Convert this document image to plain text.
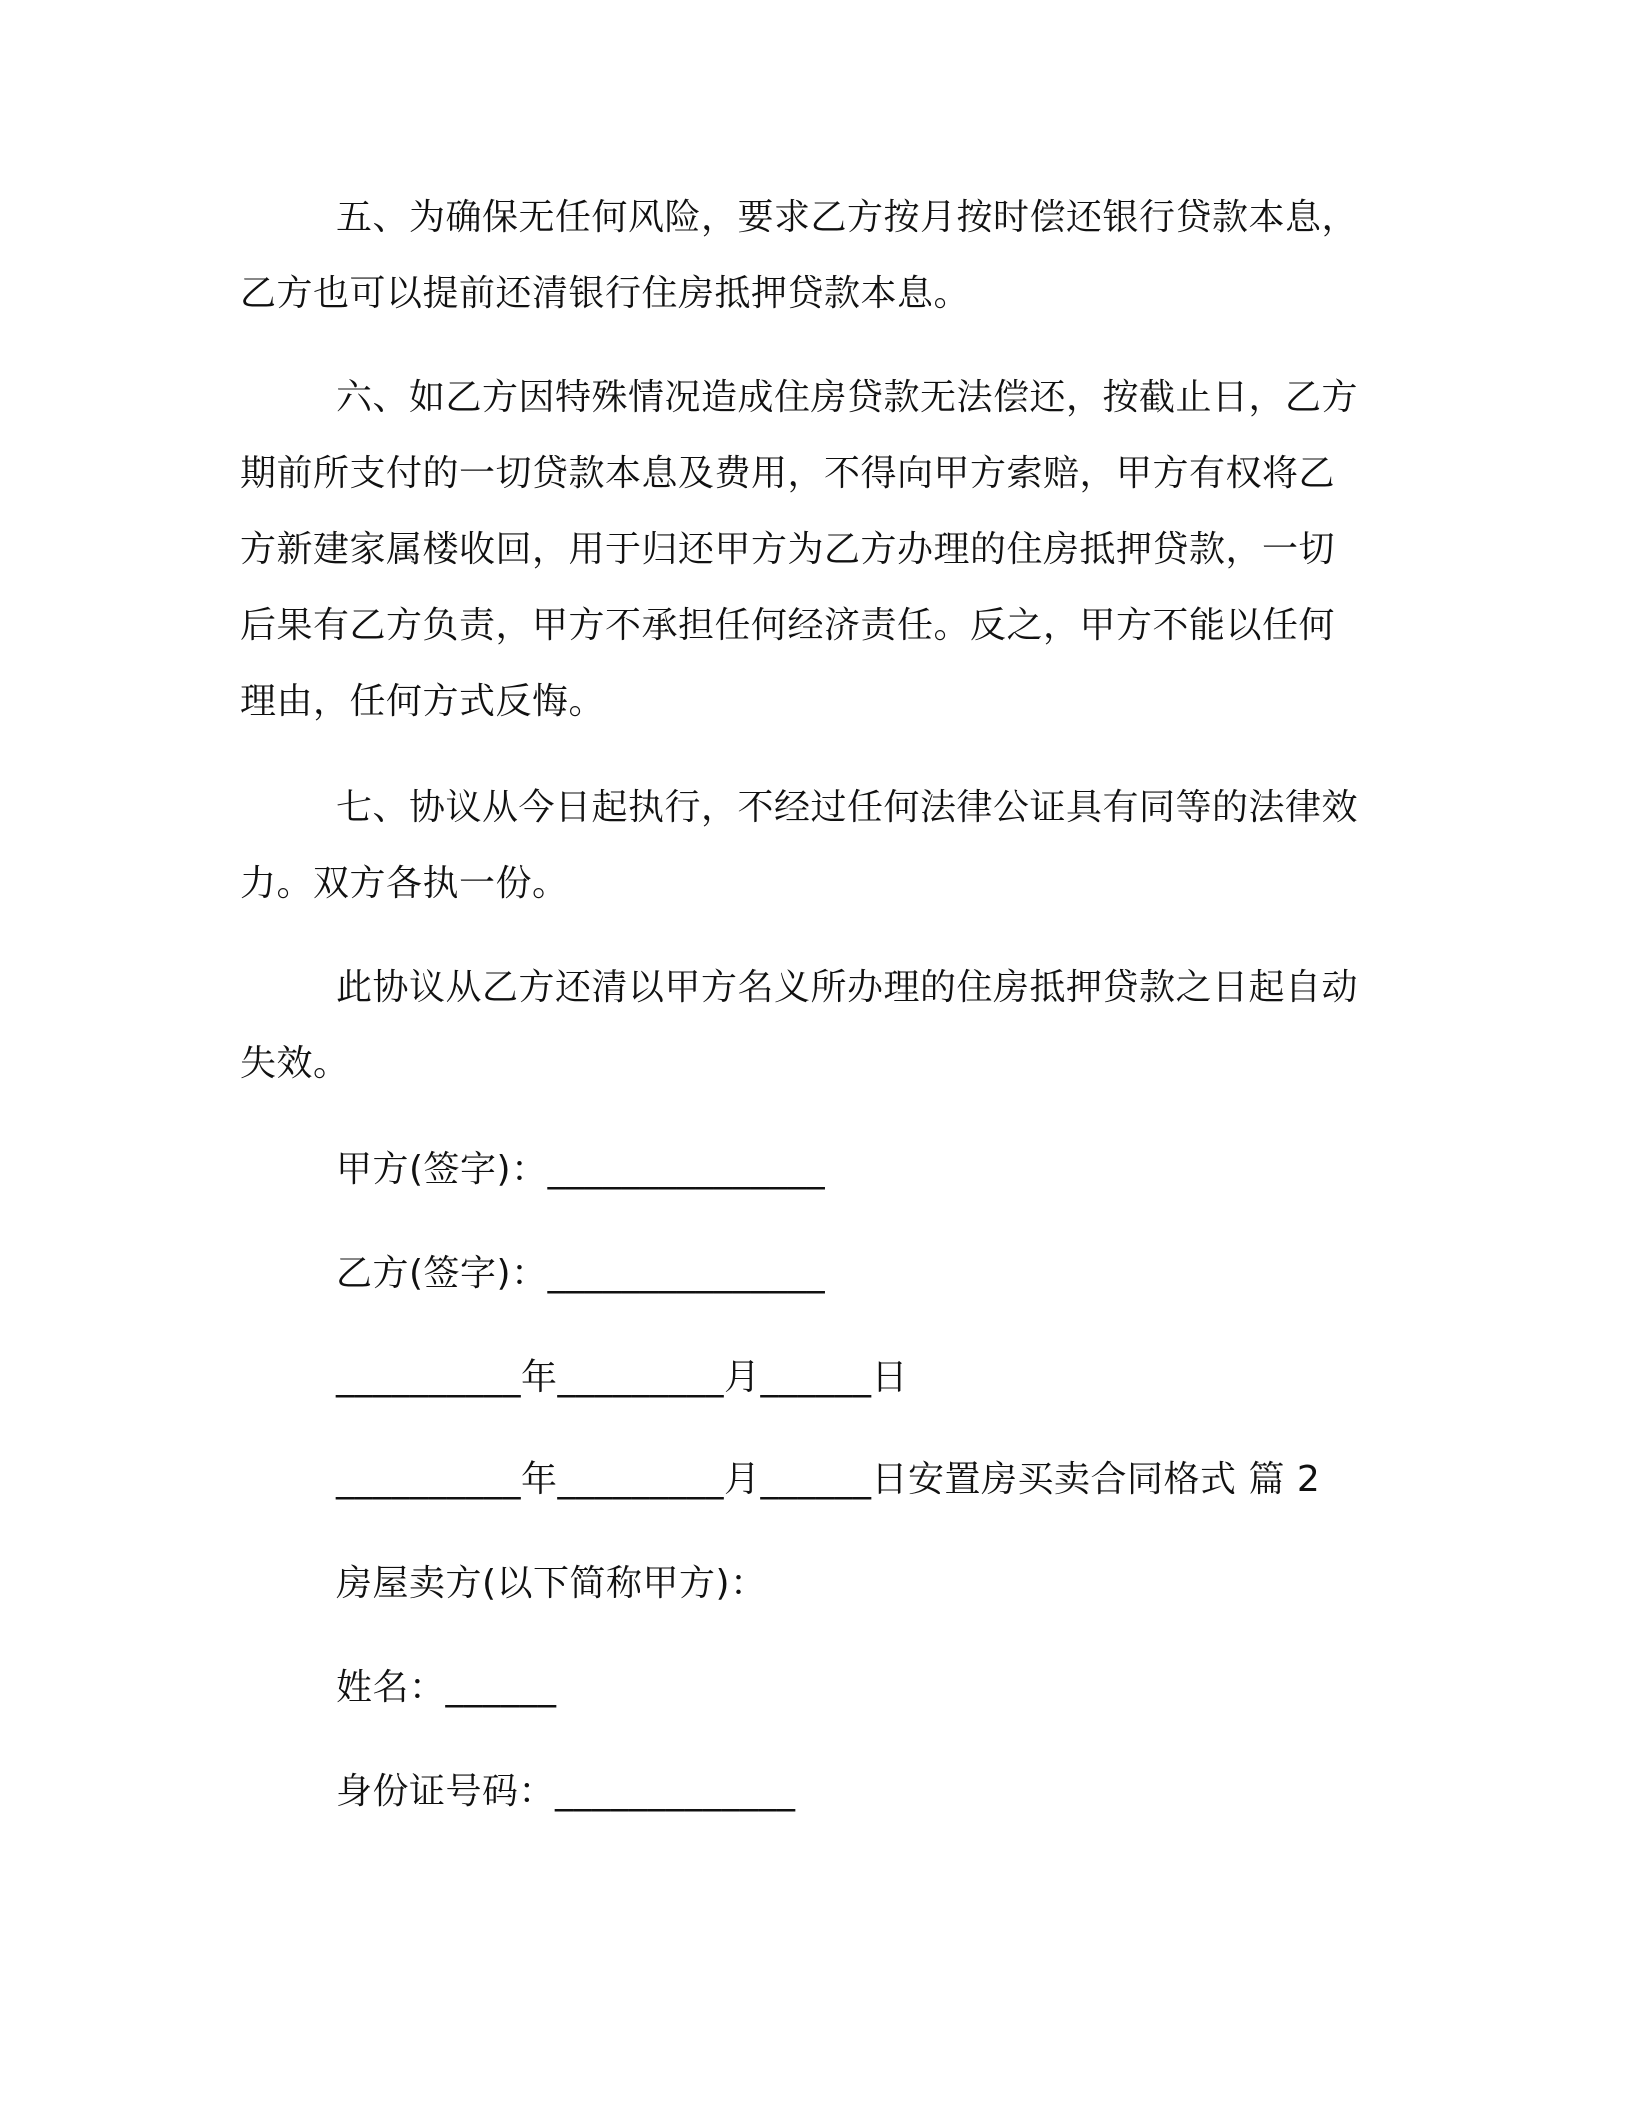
五、为确保无任何风险，要求乙方按月按时偿还银行贷款本息，
乙方也可以提前还清银行住房抵押贷款本息。
六、如乙方因特殊情况造成住房贷款无法偿还，按截止日，乙方
期前所支付的一切贷款本息及费用，不得向甲方索赔，甲方有权将乙
方新建家属楼收回，用于归还甲方为乙方办理的住房抵押贷款，一切
后果有乙方负责，甲方不承担任何经济责任。反之，甲方不能以任何
理由，任何方式反悔。
七、协议从今日起执行，不经过任何法律公证具有同等的法律效
力。双方各执一份。
此协议从乙方还清以甲方名义所办理的住房抵押贷款之日起自动
失效。
甲方(签字)：_______________
乙方(签字)：_______________
__________年_________月______日
__________年_________月______日安置房买卖合同格式 篇 2
房屋卖方(以下简称甲方)：
姓名：______
身份证号码：_____________
